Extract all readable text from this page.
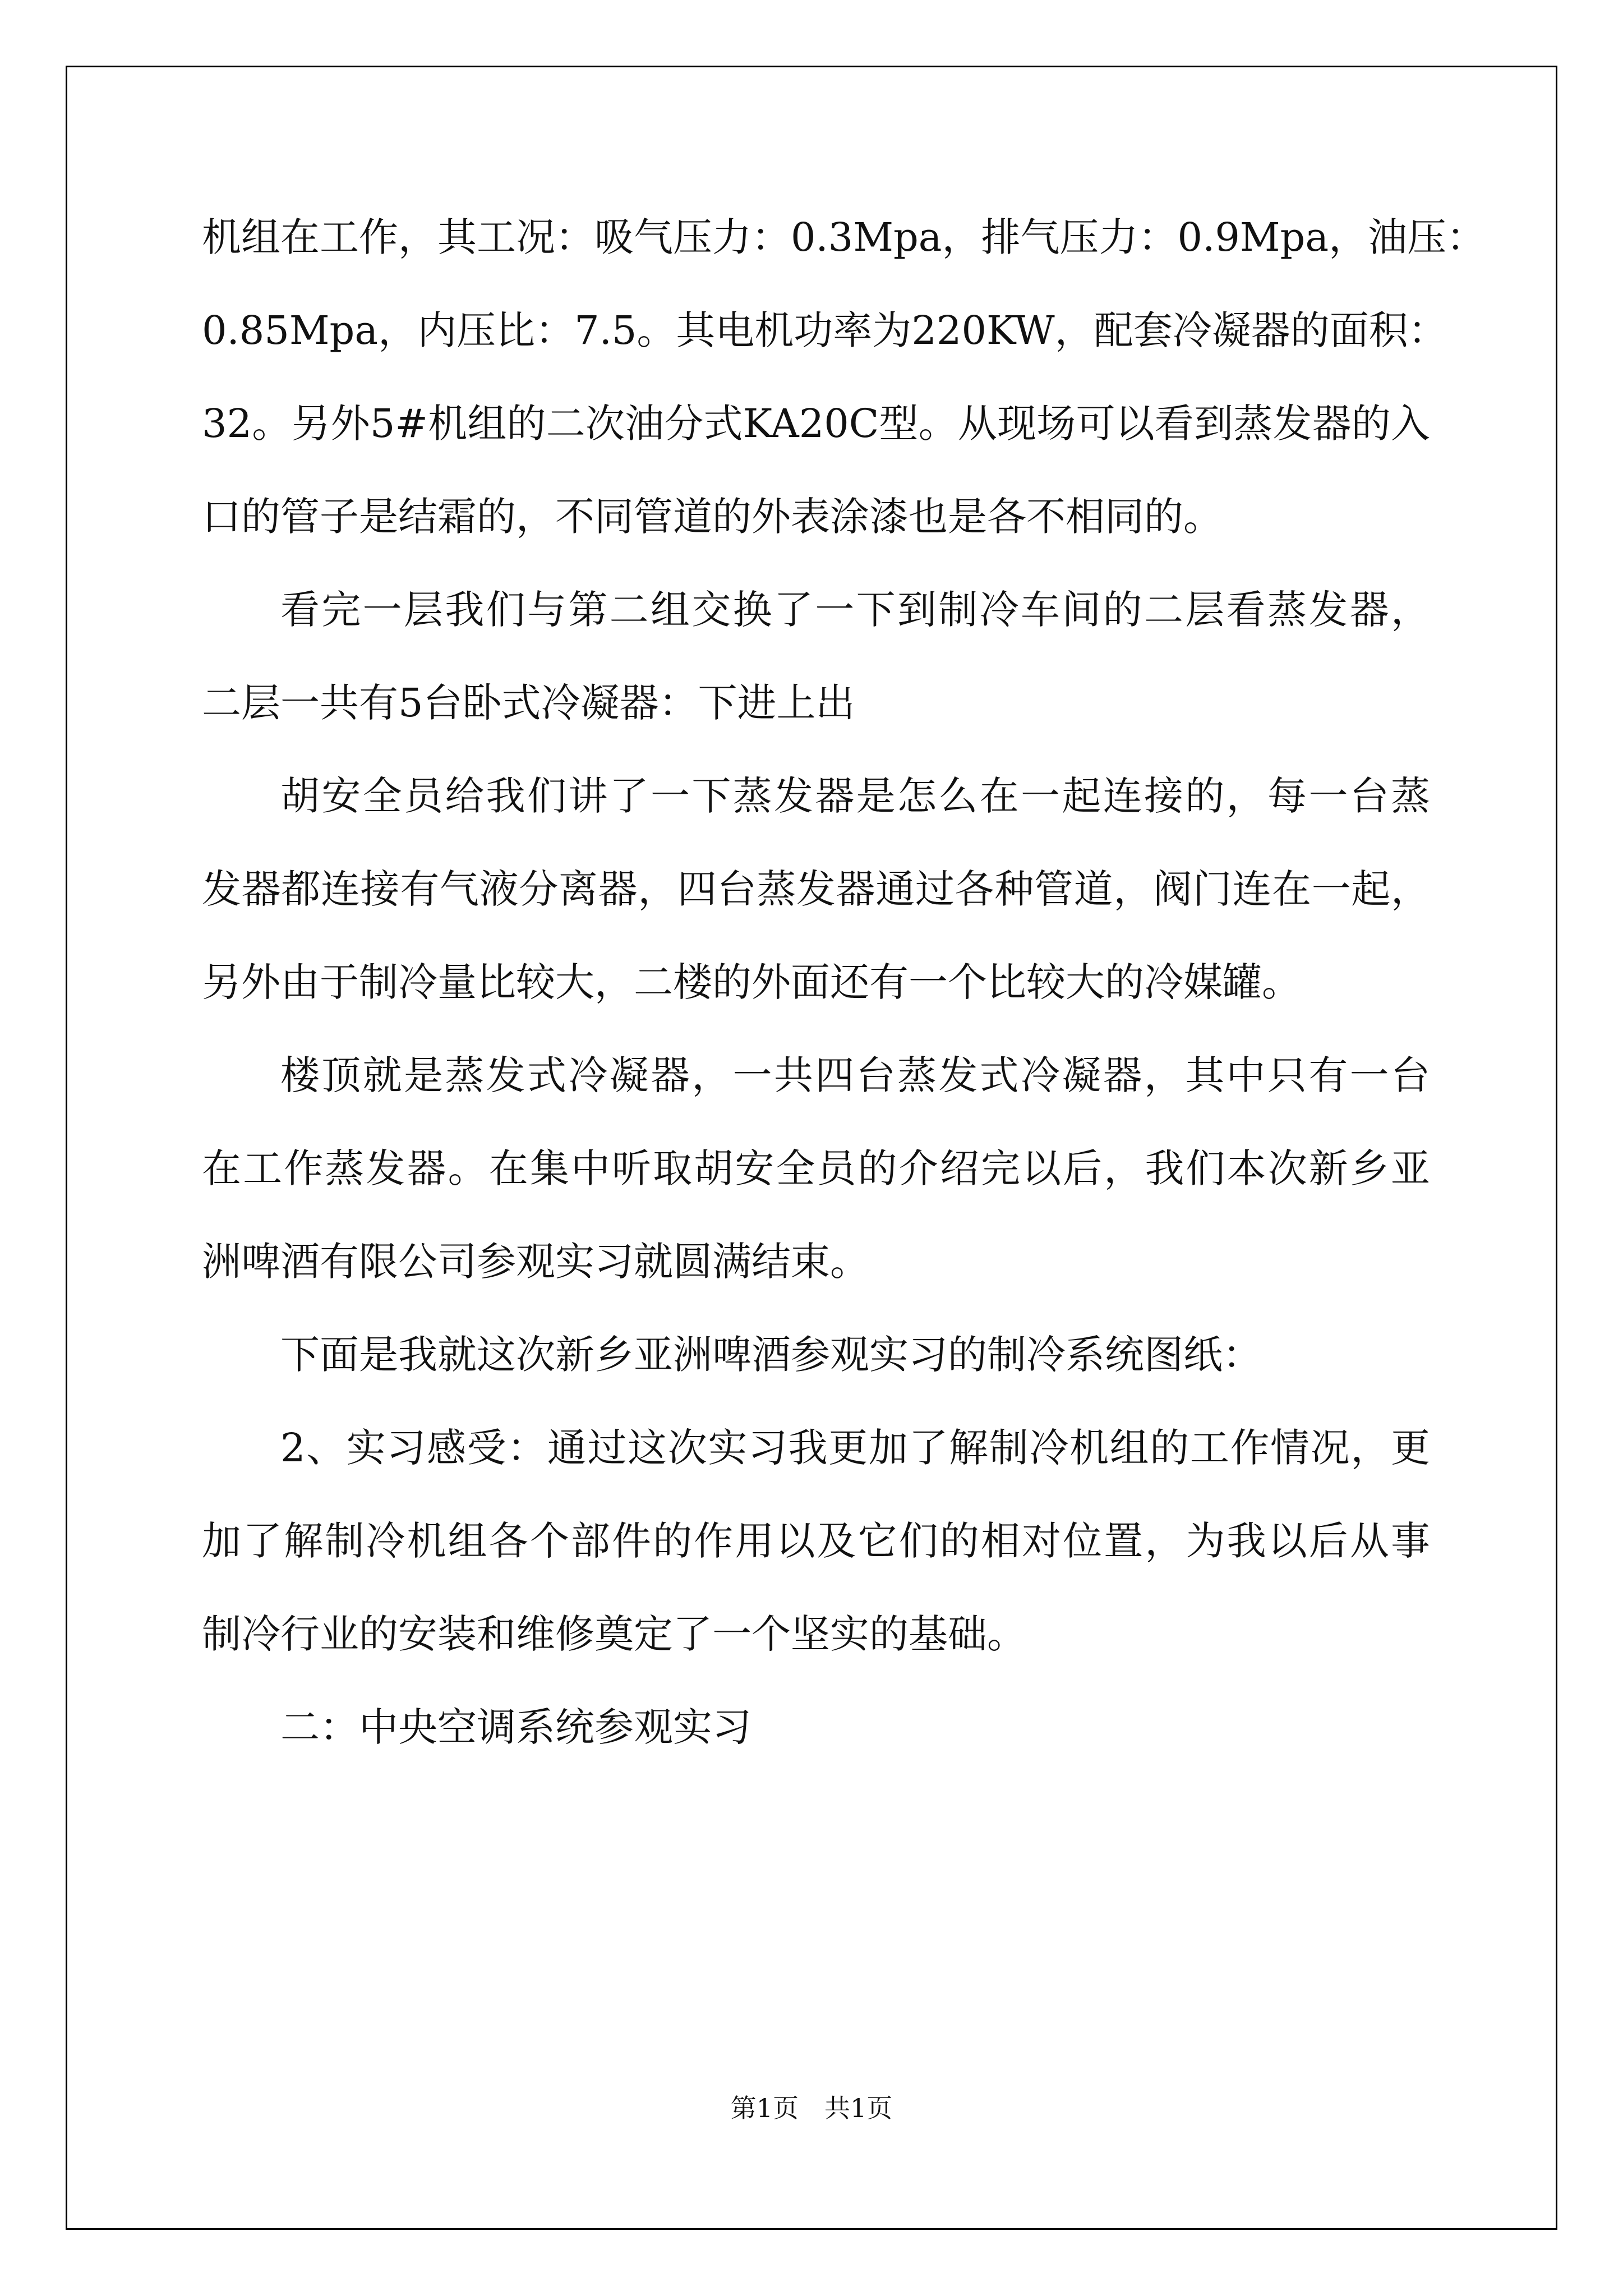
机组在工作，其工况：吸气压力：0.3Mpa，排气压力：0.9Mpa，油压：
0.85Mpa，内压比：7.5。其电机功率为220KW，配套冷凝器的面积：
32。另外5#机组的二次油分式KA20C型。从现场可以看到蒸发器的入
口的管子是结霜的，不同管道的外表涂漆也是各不相同的。
看完一层我们与第二组交换了一下到制冷车间的二层看蒸发器，
二层一共有5台卧式冷凝器：下进上出
胡安全员给我们讲了一下蒸发器是怎么在一起连接的，每一台蒸
发器都连接有气液分离器，四台蒸发器通过各种管道，阀门连在一起，
另外由于制冷量比较大，二楼的外面还有一个比较大的冷媒罐。
楼顶就是蒸发式冷凝器，一共四台蒸发式冷凝器，其中只有一台
在工作蒸发器。在集中听取胡安全员的介绍完以后，我们本次新乡亚
洲啤酒有限公司参观实习就圆满结束。
下面是我就这次新乡亚洲啤酒参观实习的制冷系统图纸：
2、实习感受：通过这次实习我更加了解制冷机组的工作情况，更
加了解制冷机组各个部件的作用以及它们的相对位置，为我以后从事
制冷行业的安装和维修奠定了一个坚实的基础。
二：中央空调系统参观实习
第1页　共1页
